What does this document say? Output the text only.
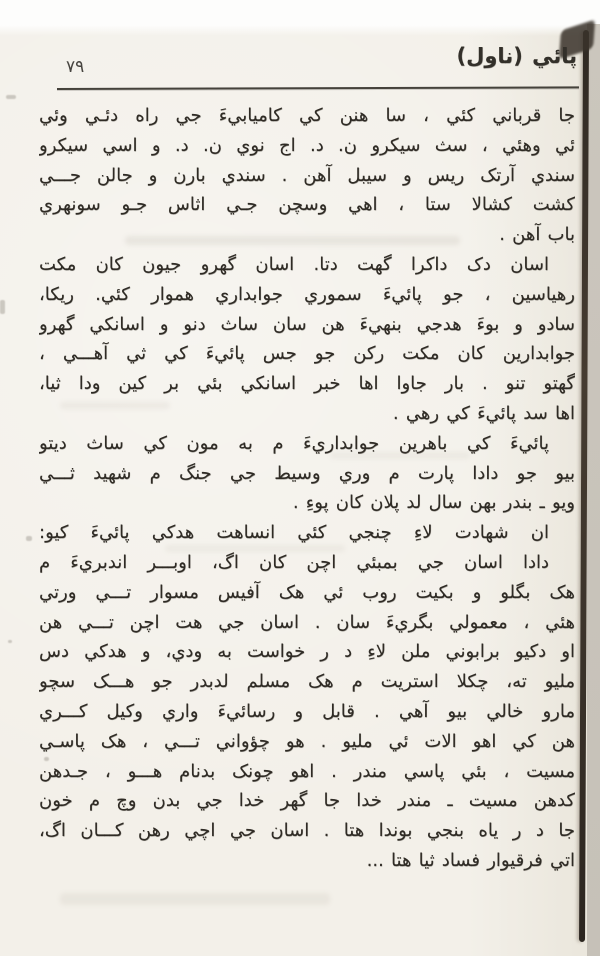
٧٩	پائي (ناول)
جا قرباني کئي ، سا هنن کي کاميابيءَ جي راه دئـي وئي
ئي وهئي ، سث سيکرو ن. د. اج نوي ن. د. و اسي سيکرو
سندي آرتک ريس و سيبل آهن . سندي بارن و جالن جـــي
کشت کشالا ستا ، اهي وسچن جـي اثاس جـو سونهري
باب آهن .
اسان دک داکرا گهت دتا. اسان گهرو جيون کان مکت
رهياسين ، جو پائيءَ سموري جوابداري هموار کئي. ريکا،
سادو و بوءَ هدجي بنهيءَ هن سان ساث دنو و اسانکي گهرو
جوابدارين کان مکت رکن جو جس پائيءَ کي ثي آهـــي ،
گهتو تنو . بار جاوا اها خبر اسانکي بئي بر کين ودا ثيا،
اها سد پائيءَ کي رهي .
پائيءَ کي باهرين جوابداريءَ م به مون کي ساث ديتو
بيو جو دادا پارت م وري وسيط جي جنگ م شهيد ثـــي
ويو ـ بندر بهن سال لد پلان کان پوءِ .
ان شهادت لاءِ چنجي کئي انساهت هدکي پائيءَ کيو:
دادا اسان جي بمبئي اچن کان اگ، اوبـــر اندبريءَ م
هک بگلو و بکيت روب ئي هک آفيس مسوار تـــي ورتي
هئي ، معمولي بگريءَ سان . اسان جي هت اچن تـــي هن
او دکيو برابوني ملن لاءِ د ر خواست به ودي، و هدکي دس
مليو ته، چکلا استريت م هک مسلم لدبدر جو هـــک سچو
مارو خالي بيو آهي . قابل و رسائيءَ واري وکيل کـــري
هن کي اهو الات ئي مليو . هو چؤواني تـــي ، هک پاسـي
مسيت ، بئي پاسي مندر . اهو چونک بدنام هـــو ، جـدهن
کدهن مسيت ـ مندر خدا جا گهر خدا جي بدن وچ م خون
جا د ر ياه بنجي بوندا هتا . اسان جي اچي رهن کـــان اگ،
اتي فرقيوار فساد ثيا هتا ...
